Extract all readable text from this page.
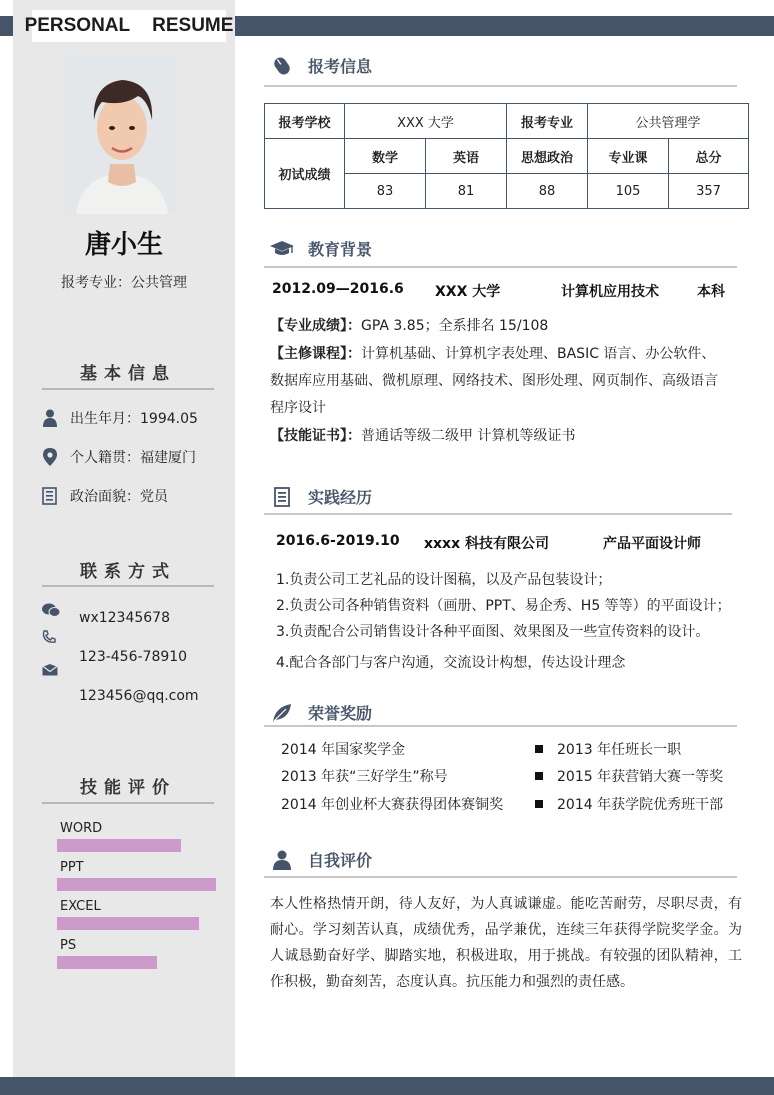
PERSONAL RESUME
唐小生
报考专业：公共管理
基本信息
出生年月：1994.05
个人籍贯：福建厦门
政治面貌：党员
联系方式
wx12345678
123-456-78910
123456@qq.com
技能评价
WORD
PPT
EXCEL
PS
报考信息
报考学校	XXX 大学		报考专业	公共管理学	
初试成绩	数学	英语	思想政治	专业课	总分
	83	81	88	105	357
教育背景
2012.09—2016.6 XXX 大学	计算机应用技术	本科
【专业成绩】：GPA 3.85；全系排名 15/108
【主修课程】：计算机基础、计算机字表处理、BASIC 语言、办公软件、
数据库应用基础、微机原理、网络技术、图形处理、网页制作、高级语言
程序设计
【技能证书】：普通话等级二级甲 计算机等级证书
实践经历
2016.6-2019.10 xxxx 科技有限公司	产品平面设计师
1.负责公司工艺礼品的设计图稿，以及产品包装设计；
2.负责公司各种销售资料（画册、PPT、易企秀、H5 等等）的平面设计；
3.负责配合公司销售设计各种平面图、效果图及一些宣传资料的设计。
4.配合各部门与客户沟通，交流设计构想，传达设计理念
荣誉奖励
2014 年国家奖学金
2013 年获“三好学生”称号
2014 年创业杯大赛获得团体赛铜奖
2013 年任班长一职
2015 年获营销大赛一等奖
2014 年获学院优秀班干部
自我评价
本人性格热情开朗，待人友好，为人真诚谦虚。能吃苦耐劳，尽职尽责，有耐心。学习刻苦认真，成绩优秀，品学兼优，连续三年获得学院奖学金。为人诚恳勤奋好学、脚踏实地，积极进取，用于挑战。有较强的团队精神，工作积极，勤奋刻苦，态度认真。抗压能力和强烈的责任感。
